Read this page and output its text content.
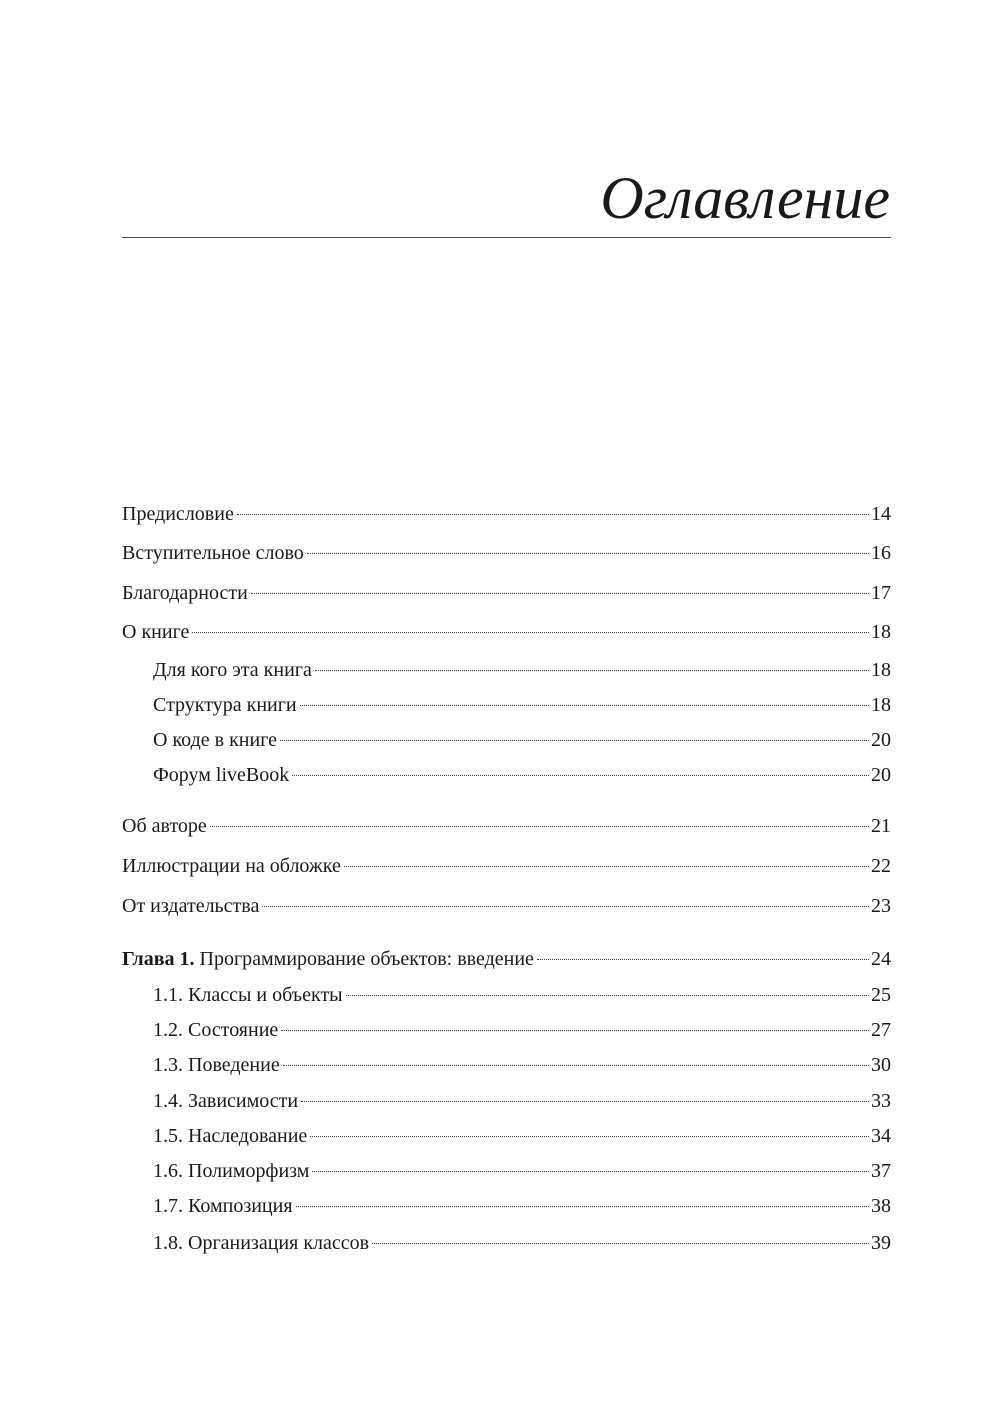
Оглавление
Предисловие	14
Вступительное слово	16
Благодарности	17
О книге	18
Для кого эта книга	18
Структура книги	18
О коде в книге	20
Форум liveBook	20
Об авторе	21
Иллюстрации на обложке	22
От издательства	23
Глава 1. Программирование объектов: введение	24
1.1. Классы и объекты	25
1.2. Состояние	27
1.3. Поведение	30
1.4. Зависимости	33
1.5. Наследование	34
1.6. Полиморфизм	37
1.7. Композиция	38
1.8. Организация классов	39
